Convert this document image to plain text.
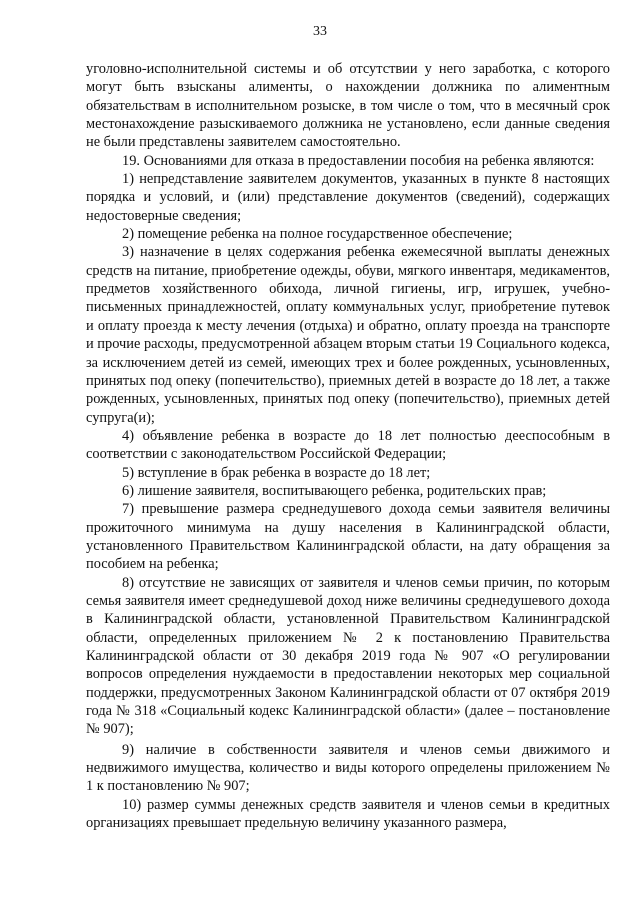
33

уголовно-исполнительной системы и об отсутствии у него заработка, с которого могут быть взысканы алименты, о нахождении должника по алиментным обязательствам в исполнительном розыске, в том числе о том, что в месячный срок местонахождение разыскиваемого должника не установлено, если данные сведения не были представлены заявителем самостоятельно.

19. Основаниями для отказа в предоставлении пособия на ребенка являются:

1) непредставление заявителем документов, указанных в пункте 8 настоящих порядка и условий, и (или) представление документов (сведений), содержащих недостоверные сведения;

2) помещение ребенка на полное государственное обеспечение;

3) назначение в целях содержания ребенка ежемесячной выплаты денежных средств на питание, приобретение одежды, обуви, мягкого инвентаря, медикаментов, предметов хозяйственного обихода, личной гигиены, игр, игрушек, учебно-письменных принадлежностей, оплату коммунальных услуг, приобретение путевок и оплату проезда к месту лечения (отдыха) и обратно, оплату проезда на транспорте и прочие расходы, предусмотренной абзацем вторым статьи 19 Социального кодекса, за исключением детей из семей, имеющих трех и более рожденных, усыновленных, принятых под опеку (попечительство), приемных детей в возрасте до 18 лет, а также рожденных, усыновленных, принятых под опеку (попечительство), приемных детей супруга(и);

4) объявление ребенка в возрасте до 18 лет полностью дееспособным в соответствии с законодательством Российской Федерации;

5) вступление в брак ребенка в возрасте до 18 лет;

6) лишение заявителя, воспитывающего ребенка, родительских прав;

7) превышение размера среднедушевого дохода семьи заявителя величины прожиточного минимума на душу населения в Калининградской области, установленного Правительством Калининградской области, на дату обращения за пособием на ребенка;

8) отсутствие не зависящих от заявителя и членов семьи причин, по которым семья заявителя имеет среднедушевой доход ниже величины среднедушевого дохода в Калининградской области, установленной Правительством Калининградской области, определенных приложением № 2 к постановлению Правительства Калининградской области от 30 декабря 2019 года № 907 «О регулировании вопросов определения нуждаемости в предоставлении некоторых мер социальной поддержки, предусмотренных Законом Калининградской области от 07 октября 2019 года № 318 «Социальный кодекс Калининградской области» (далее – постановление № 907);

9) наличие в собственности заявителя и членов семьи движимого и недвижимого имущества, количество и виды которого определены приложением № 1 к постановлению № 907;

10) размер суммы денежных средств заявителя и членов семьи в кредитных организациях превышает предельную величину указанного размера,
